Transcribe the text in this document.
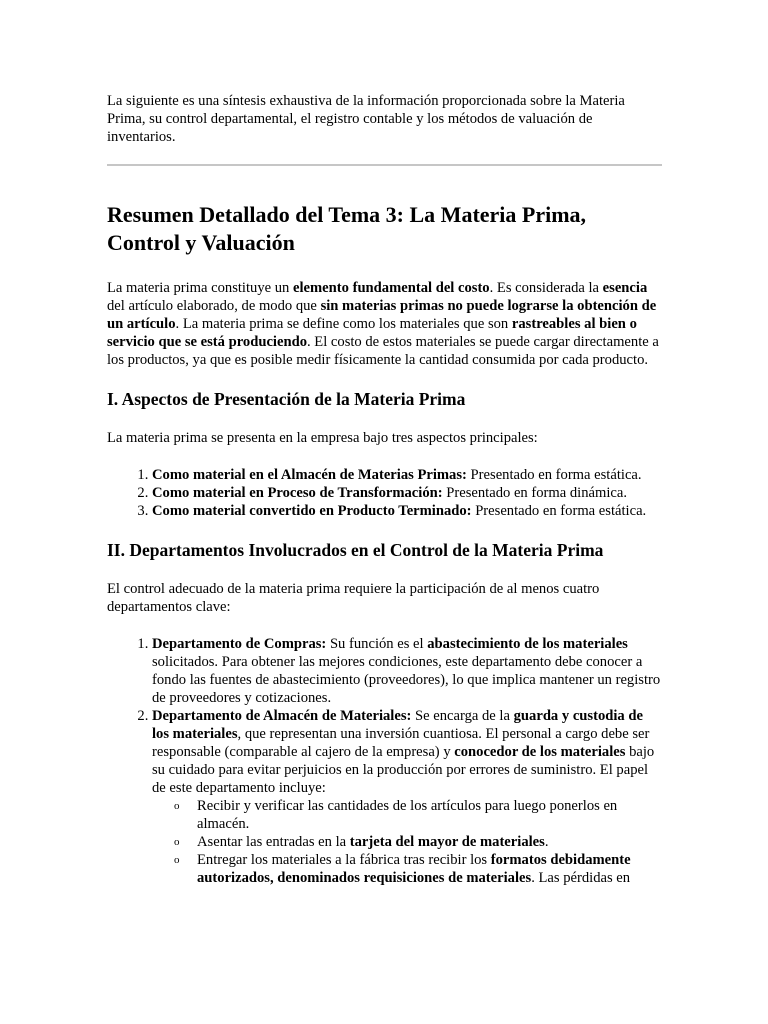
La siguiente es una síntesis exhaustiva de la información proporcionada sobre la Materia Prima, su control departamental, el registro contable y los métodos de valuación de inventarios.

Resumen Detallado del Tema 3: La Materia Prima, Control y Valuación

La materia prima constituye un elemento fundamental del costo. Es considerada la esencia del artículo elaborado, de modo que sin materias primas no puede lograrse la obtención de un artículo. La materia prima se define como los materiales que son rastreables al bien o servicio que se está produciendo. El costo de estos materiales se puede cargar directamente a los productos, ya que es posible medir físicamente la cantidad consumida por cada producto.

I. Aspectos de Presentación de la Materia Prima

La materia prima se presenta en la empresa bajo tres aspectos principales:

1. Como material en el Almacén de Materias Primas: Presentado en forma estática.
2. Como material en Proceso de Transformación: Presentado en forma dinámica.
3. Como material convertido en Producto Terminado: Presentado en forma estática.
II. Departamentos Involucrados en el Control de la Materia Prima

El control adecuado de la materia prima requiere la participación de al menos cuatro departamentos clave:

1. Departamento de Compras: Su función es el abastecimiento de los materiales solicitados. Para obtener las mejores condiciones, este departamento debe conocer a fondo las fuentes de abastecimiento (proveedores), lo que implica mantener un registro de proveedores y cotizaciones.
2. Departamento de Almacén de Materiales: Se encarga de la guarda y custodia de los materiales, que representan una inversión cuantiosa. El personal a cargo debe ser responsable (comparable al cajero de la empresa) y conocedor de los materiales bajo su cuidado para evitar perjuicios en la producción por errores de suministro. El papel de este departamento incluye:
o Recibir y verificar las cantidades de los artículos para luego ponerlos en almacén.
o Asentar las entradas en la tarjeta del mayor de materiales.
o Entregar los materiales a la fábrica tras recibir los formatos debidamente autorizados, denominados requisiciones de materiales. Las pérdidas en
